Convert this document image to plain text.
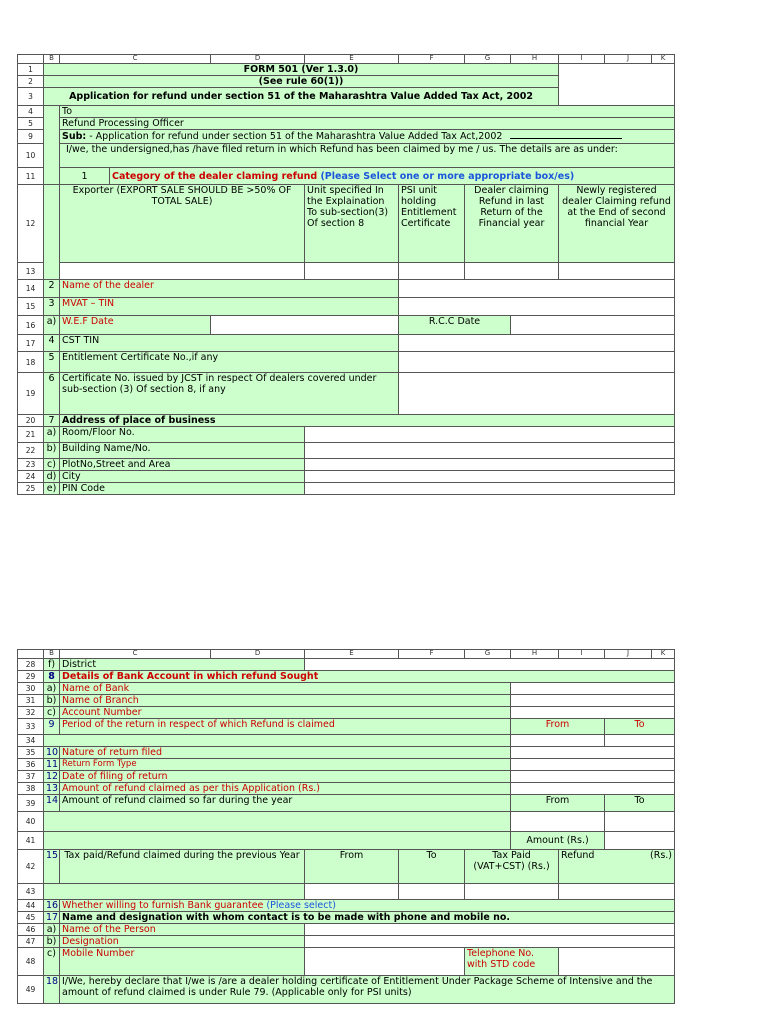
	B	C		D	E	F	G	H	I	J	K
1	FORM 501 (Ver 1.3.0)										
2	(See rule 60(1))										
3	Application for refund under section 51 of the Maharashtra Value Added Tax Act, 2002										
4		To									
5		Refund Processing Officer									
9		Sub: - Application for refund under section 51 of the Maharashtra Value Added Tax Act,2002									
10		I/we, the undersigned,has /have filed return in which Refund has been claimed by me / us. The details are as under:									
11		1	Category of the dealer claming refund (Please Select one or more appropriate box/es)								
12		Exporter (EXPORT SALE SHOULD BE >50% OF TOTAL SALE)			Unit specified In the Explaination To sub-section(3) Of section 8	PSI unit holding Entitlement Certificate	Dealer claiming Refund in last Return of the Financial year		Newly registered dealer Claiming refund at the End of second financial Year		
13											
14	2	Name of the dealer									
15	3	MVAT – TIN									
16	a)	W.E.F Date				R.C.C Date					
17	4	CST TIN									
18	5	Entitlement Certificate No.,if any									
19	6	Certificate No. issued by JCST in respect Of dealers covered under sub-section (3) Of section 8, if any									
20	7	Address of place of business									
21	a)	Room/Floor No.									
22	b)	Building Name/No.									
23	c)	PlotNo,Street and Area									
24	d)	City									
25	e)	PIN Code									
	B	C	D	E	F	G	H	I	J	K
28	f)	District								
29	8	Details of Bank Account in which refund Sought								
30	a)	Name of Bank								
31	b)	Name of Branch								
32	c)	Account Number								
33	9	Period of the return in respect of which Refund is claimed					From		To	
34										
35	10	Nature of return filed								
36	11	Return Form Type								
37	12	Date of filing of return								
38	13	Amount of refund claimed as per this Application (Rs.)								
39	14	Amount of refund claimed so far during the year					From		To	
40										
41							Amount (Rs.)			
42	15	Tax paid/Refund claimed during the previous Year		From	To	Tax Paid (VAT+CST) (Rs.)		Refund (Rs.)		

43										
44	16	Whether willing to furnish Bank guarantee (Please select)								
45	17	Name and designation with whom contact is to be made with phone and mobile no.								
46	a)	Name of the Person								
47	b)	Designation								
48	c)	Mobile Number				Telephone No. with STD code				
49	18	I/We, hereby declare that I/we is /are a dealer holding certificate of Entitlement Under Package Scheme of Intensive and the amount of refund claimed is under Rule 79. (Applicable only for PSI units)								
